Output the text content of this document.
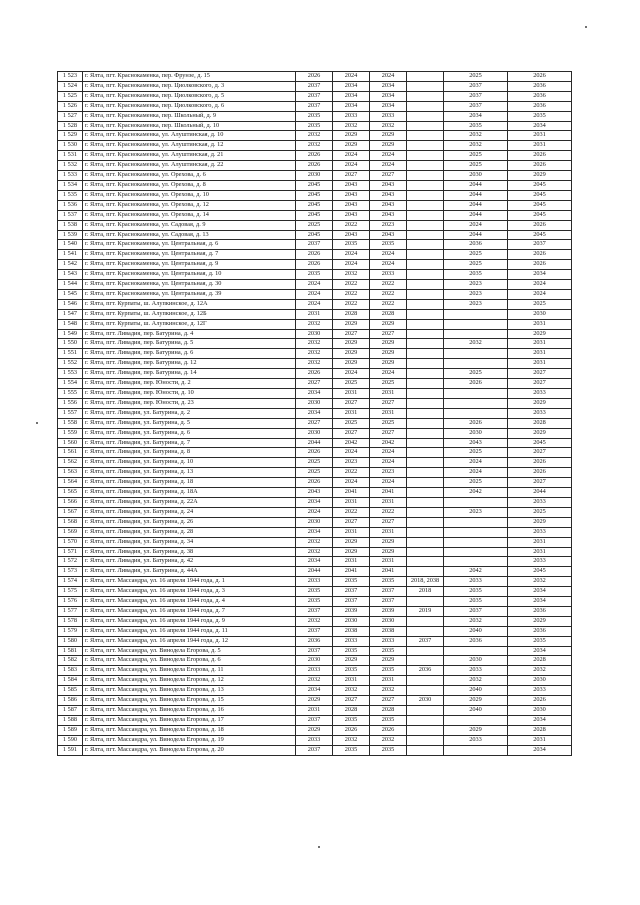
1 523	г. Ялта, пгт. Краснокаменка, пер. Фрунзе, д. 15	2026	2024	2024		2025	2026
1 524	г. Ялта, пгт. Краснокаменка, пер. Циолковского, д. 3	2037	2034	2034		2037	2036
1 525	г. Ялта, пгт. Краснокаменка, пер. Циолковского, д. 5	2037	2034	2034		2037	2036
1 526	г. Ялта, пгт. Краснокаменка, пер. Циолковского, д. 6	2037	2034	2034		2037	2036
1 527	г. Ялта, пгт. Краснокаменка, пер. Школьный, д. 9	2035	2033	2033		2034	2035
1 528	г. Ялта, пгт. Краснокаменка, пер. Школьный, д. 10	2035	2032	2032		2035	2034
1 529	г. Ялта, пгт. Краснокаменка, ул. Алуштинская, д. 10	2032	2029	2029		2032	2031
1 530	г. Ялта, пгт. Краснокаменка, ул. Алуштинская, д. 12	2032	2029	2029		2032	2031
1 531	г. Ялта, пгт. Краснокаменка, ул. Алуштинская, д. 21	2026	2024	2024		2025	2026
1 532	г. Ялта, пгт. Краснокаменка, ул. Алуштинская, д. 22	2026	2024	2024		2025	2026
1 533	г. Ялта, пгт. Краснокаменка, ул. Орехова, д. 6	2030	2027	2027		2030	2029
1 534	г. Ялта, пгт. Краснокаменка, ул. Орехова, д. 8	2045	2043	2043		2044	2045
1 535	г. Ялта, пгт. Краснокаменка, ул. Орехова, д. 10	2045	2043	2043		2044	2045
1 536	г. Ялта, пгт. Краснокаменка, ул. Орехова, д. 12	2045	2043	2043		2044	2045
1 537	г. Ялта, пгт. Краснокаменка, ул. Орехова, д. 14	2045	2043	2043		2044	2045
1 538	г. Ялта, пгт. Краснокаменка, ул. Садовая, д. 9	2025	2022	2023		2024	2026
1 539	г. Ялта, пгт. Краснокаменка, ул. Садовая, д. 13	2045	2043	2043		2044	2045
1 540	г. Ялта, пгт. Краснокаменка, ул. Центральная, д. 6	2037	2035	2035		2036	2037
1 541	г. Ялта, пгт. Краснокаменка, ул. Центральная, д. 7	2026	2024	2024		2025	2026
1 542	г. Ялта, пгт. Краснокаменка, ул. Центральная, д. 9	2026	2024	2024		2025	2026
1 543	г. Ялта, пгт. Краснокаменка, ул. Центральная, д. 10	2035	2032	2033		2035	2034
1 544	г. Ялта, пгт. Краснокаменка, ул. Центральная, д. 30	2024	2022	2022		2023	2024
1 545	г. Ялта, пгт. Краснокаменка, ул. Центральная, д. 39	2024	2022	2022		2023	2024
1 546	г. Ялта, пгт. Курпаты, ш. Алупкинское, д. 12А	2024	2022	2022		2023	2025
1 547	г. Ялта, пгт. Курпаты, ш. Алупкинское, д. 12Б	2031	2028	2028			2030
1 548	г. Ялта, пгт. Курпаты, ш. Алупкинское, д. 12Г	2032	2029	2029			2031
1 549	г. Ялта, пгт. Ливадия, пер. Батурина, д. 4	2030	2027	2027			2029
1 550	г. Ялта, пгт. Ливадия, пер. Батурина, д. 5	2032	2029	2029		2032	2031
1 551	г. Ялта, пгт. Ливадия, пер. Батурина, д. 6	2032	2029	2029			2031
1 552	г. Ялта, пгт. Ливадия, пер. Батурина, д. 12	2032	2029	2029			2031
1 553	г. Ялта, пгт. Ливадия, пер. Батурина, д. 14	2026	2024	2024		2025	2027
1 554	г. Ялта, пгт. Ливадия, пер. Юности, д. 2	2027	2025	2025		2026	2027
1 555	г. Ялта, пгт. Ливадия, пер. Юности, д. 10	2034	2031	2031			2033
1 556	г. Ялта, пгт. Ливадия, пер. Юности, д. 23	2030	2027	2027			2029
1 557	г. Ялта, пгт. Ливадия, ул. Батурина, д. 2	2034	2031	2031			2033
1 558	г. Ялта, пгт. Ливадия, ул. Батурина, д. 5	2027	2025	2025		2026	2028
1 559	г. Ялта, пгт. Ливадия, ул. Батурина, д. 6	2030	2027	2027		2030	2029
1 560	г. Ялта, пгт. Ливадия, ул. Батурина, д. 7	2044	2042	2042		2043	2045
1 561	г. Ялта, пгт. Ливадия, ул. Батурина, д. 8	2026	2024	2024		2025	2027
1 562	г. Ялта, пгт. Ливадия, ул. Батурина, д. 10	2025	2023	2024		2024	2026
1 563	г. Ялта, пгт. Ливадия, ул. Батурина, д. 13	2025	2022	2023		2024	2026
1 564	г. Ялта, пгт. Ливадия, ул. Батурина, д. 18	2026	2024	2024		2025	2027
1 565	г. Ялта, пгт. Ливадия, ул. Батурина, д. 18А	2043	2041	2041		2042	2044
1 566	г. Ялта, пгт. Ливадия, ул. Батурина, д. 22А	2034	2031	2031			2033
1 567	г. Ялта, пгт. Ливадия, ул. Батурина, д. 24	2024	2022	2022		2023	2025
1 568	г. Ялта, пгт. Ливадия, ул. Батурина, д. 26	2030	2027	2027			2029
1 569	г. Ялта, пгт. Ливадия, ул. Батурина, д. 28	2034	2031	2031			2033
1 570	г. Ялта, пгт. Ливадия, ул. Батурина, д. 34	2032	2029	2029			2031
1 571	г. Ялта, пгт. Ливадия, ул. Батурина, д. 38	2032	2029	2029			2031
1 572	г. Ялта, пгт. Ливадия, ул. Батурина, д. 42	2034	2031	2031			2033
1 573	г. Ялта, пгт. Ливадия, ул. Батурина, д. 44А	2044	2041	2041		2042	2045
1 574	г. Ялта, пгт. Массандра, ул. 16 апреля 1944 года, д. 1	2033	2035	2035	2018, 2038	2033	2032
1 575	г. Ялта, пгт. Массандра, ул. 16 апреля 1944 года, д. 3	2035	2037	2037	2018	2035	2034
1 576	г. Ялта, пгт. Массандра, ул. 16 апреля 1944 года, д. 4	2035	2037	2037		2035	2034
1 577	г. Ялта, пгт. Массандра, ул. 16 апреля 1944 года, д. 7	2037	2039	2039	2019	2037	2036
1 578	г. Ялта, пгт. Массандра, ул. 16 апреля 1944 года, д. 9	2032	2030	2030		2032	2029
1 579	г. Ялта, пгт. Массандра, ул. 16 апреля 1944 года, д. 11	2037	2038	2038		2040	2036
1 580	г. Ялта, пгт. Массандра, ул. 16 апреля 1944 года, д. 12	2036	2033	2033	2037	2036	2035
1 581	г. Ялта, пгт. Массандра, ул. Винодела Егорова, д. 5	2037	2035	2035			2034
1 582	г. Ялта, пгт. Массандра, ул. Винодела Егорова, д. 6	2030	2029	2029		2030	2028
1 583	г. Ялта, пгт. Массандра, ул. Винодела Егорова, д. 11	2033	2035	2035	2036	2033	2032
1 584	г. Ялта, пгт. Массандра, ул. Винодела Егорова, д. 12	2032	2031	2031		2032	2030
1 585	г. Ялта, пгт. Массандра, ул. Винодела Егорова, д. 13	2034	2032	2032		2040	2033
1 586	г. Ялта, пгт. Массандра, ул. Винодела Егорова, д. 15	2029	2027	2027	2030	2029	2026
1 587	г. Ялта, пгт. Массандра, ул. Винодела Егорова, д. 16	2031	2028	2028		2040	2030
1 588	г. Ялта, пгт. Массандра, ул. Винодела Егорова, д. 17	2037	2035	2035			2034
1 589	г. Ялта, пгт. Массандра, ул. Винодела Егорова, д. 18	2029	2026	2026		2029	2028
1 590	г. Ялта, пгт. Массандра, ул. Винодела Егорова, д. 19	2033	2032	2032		2033	2031
1 591	г. Ялта, пгт. Массандра, ул. Винодела Егорова, д. 20	2037	2035	2035			2034
